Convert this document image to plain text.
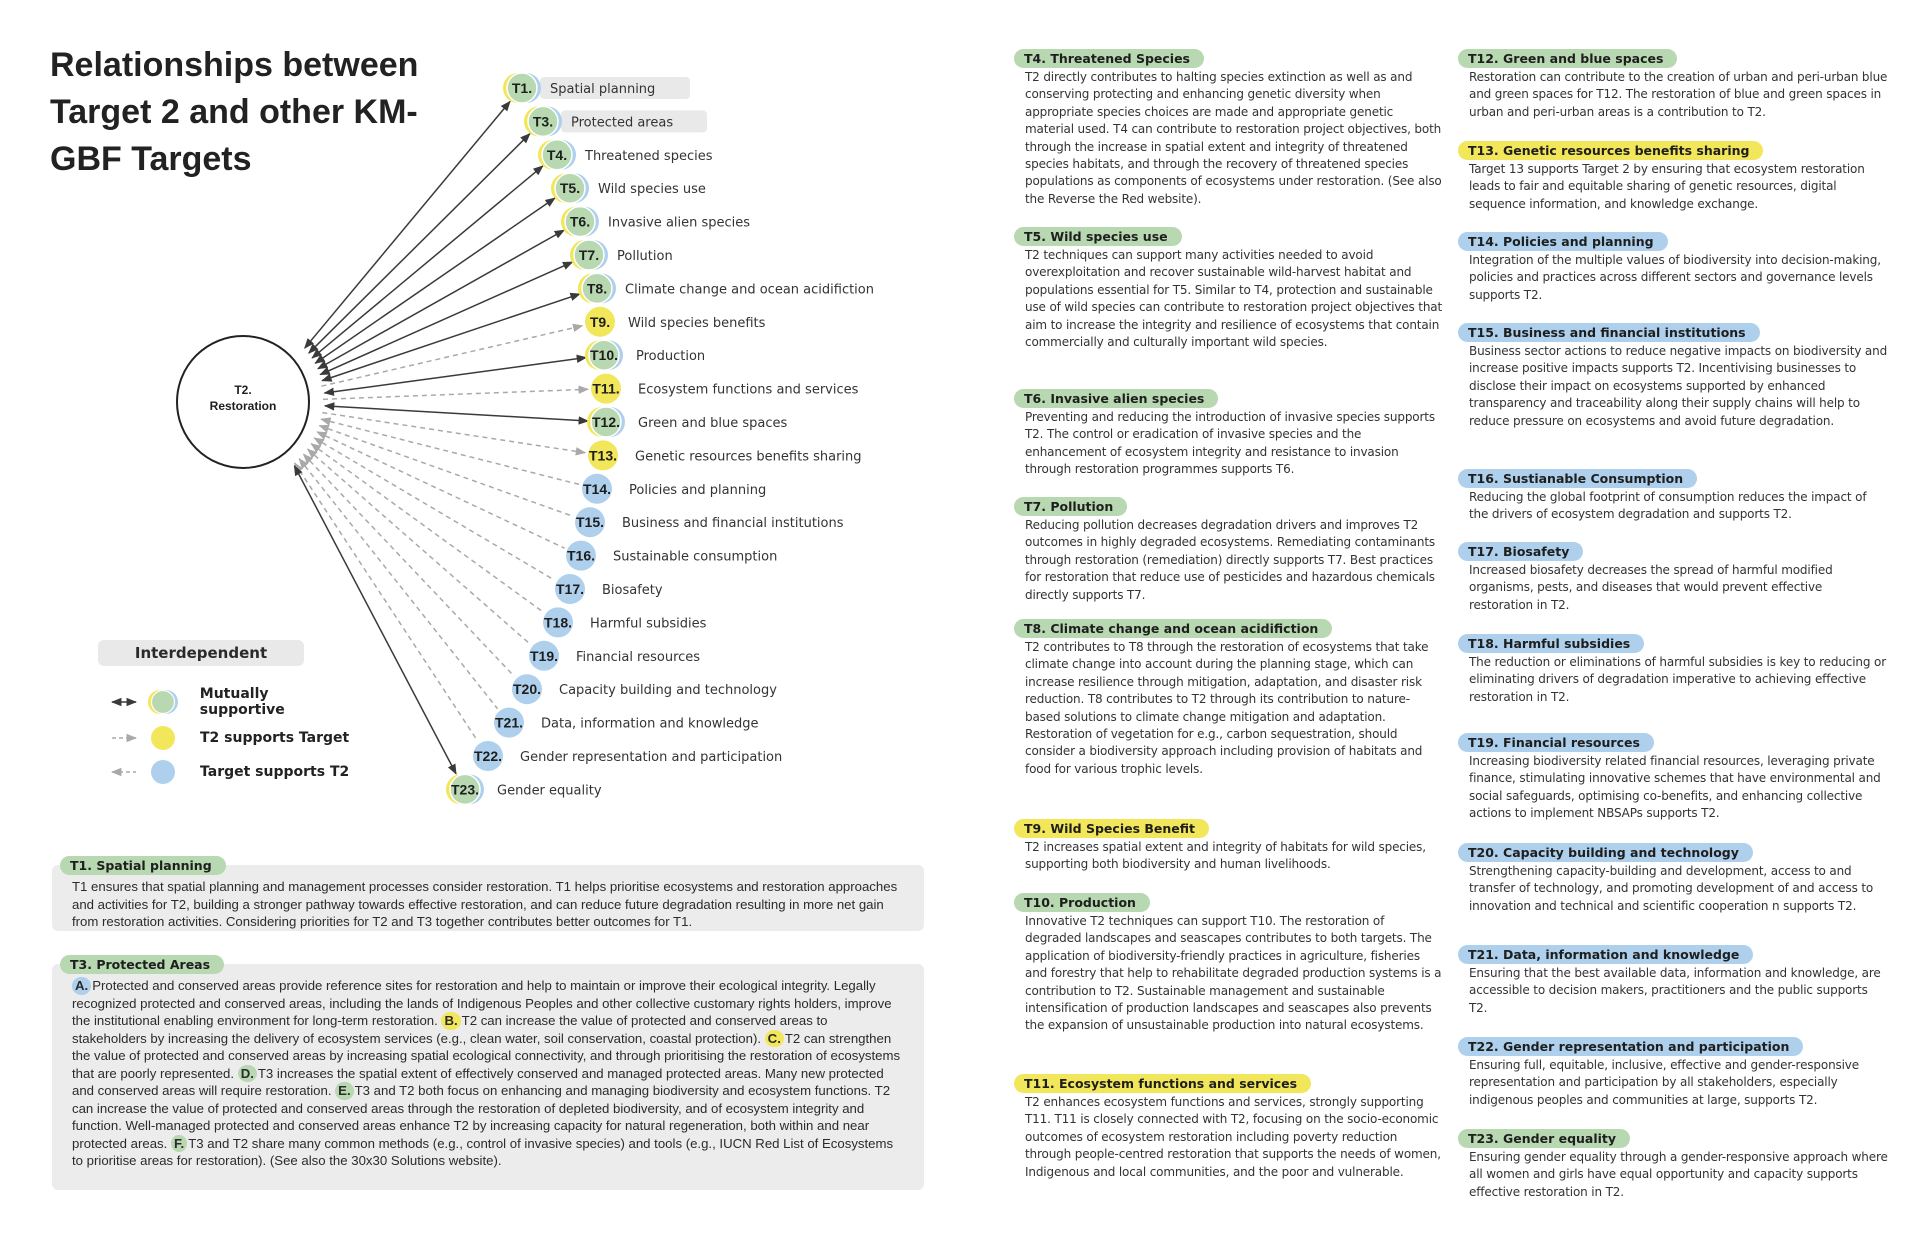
Relationships between Target 2 and other KM-GBF Targets
T2.
Restoration
T1. Spatial planning
T3. Protected areas
T4. Threatened species
T5. Wild species use
T6. Invasive alien species
T7. Pollution
T8. Climate change and ocean acidifiction
T9. Wild species benefits
T10. Production
T11. Ecosystem functions and services
T12. Green and blue spaces
T13. Genetic resources benefits sharing
T14. Policies and planning
T15. Business and financial institutions
T16. Sustainable consumption
T17. Biosafety
T18. Harmful subsidies
T19. Financial resources
T20. Capacity building and technology
T21. Data, information and knowledge
T22. Gender representation and participation
T23. Gender equality
Interdependent
Mutually supportive
T2 supports Target
Target supports T2
T1. Spatial planning
T1 ensures that spatial planning and management processes consider restoration. T1 helps prioritise ecosystems and restoration approaches and activities for T2, building a stronger pathway towards effective restoration, and can reduce future degradation resulting in more net gain from restoration activities. Considering priorities for T2 and T3 together contributes better outcomes for T1.
T3. Protected Areas
A. Protected and conserved areas provide reference sites for restoration and help to maintain or improve their ecological integrity. Legally recognized protected and conserved areas, including the lands of Indigenous Peoples and other collective customary rights holders, improve the institutional enabling environment for long-term restoration. B. T2 can increase the value of protected and conserved areas to stakeholders by increasing the delivery of ecosystem services (e.g., clean water, soil conservation, coastal protection). C. T2 can strengthen the value of protected and conserved areas by increasing spatial ecological connectivity, and through prioritising the restoration of ecosystems that are poorly represented. D. T3 increases the spatial extent of effectively conserved and managed protected areas. Many new protected and conserved areas will require restoration. E. T3 and T2 both focus on enhancing and managing biodiversity and ecosystem functions. T2 can increase the value of protected and conserved areas through the restoration of depleted biodiversity, and of ecosystem integrity and function. Well-managed protected and conserved areas enhance T2 by increasing capacity for natural regeneration, both within and near protected areas. F. T3 and T2 share many common methods (e.g., control of invasive species) and tools (e.g., IUCN Red List of Ecosystems to prioritise areas for restoration). (See also the 30x30 Solutions website).
T4. Threatened Species
T2 directly contributes to halting species extinction as well as and conserving protecting and enhancing genetic diversity when appropriate species choices are made and appropriate genetic material used. T4 can contribute to restoration project objectives, both through the increase in spatial extent and integrity of threatened species habitats, and through the recovery of threatened species populations as components of ecosystems under restoration. (See also the Reverse the Red website).
T5. Wild species use
T2 techniques can support many activities needed to avoid overexploitation and recover sustainable wild-harvest habitat and populations essential for T5. Similar to T4, protection and sustainable use of wild species can contribute to restoration project objectives that aim to increase the integrity and resilience of ecosystems that contain commercially and culturally important wild species.
T6. Invasive alien species
Preventing and reducing the introduction of invasive species supports T2. The control or eradication of invasive species and the enhancement of ecosystem integrity and resistance to invasion through restoration programmes supports T6.
T7. Pollution
Reducing pollution decreases degradation drivers and improves T2 outcomes in highly degraded ecosystems. Remediating contaminants through restoration (remediation) directly supports T7. Best practices for restoration that reduce use of pesticides and hazardous chemicals directly supports T7.
T8. Climate change and ocean acidifiction
T2 contributes to T8 through the restoration of ecosystems that take climate change into account during the planning stage, which can increase resilience through mitigation, adaptation, and disaster risk reduction. T8 contributes to T2 through its contribution to nature-based solutions to climate change mitigation and adaptation. Restoration of vegetation for e.g., carbon sequestration, should consider a biodiversity approach including provision of habitats and food for various trophic levels.
T9. Wild Species Benefit
T2 increases spatial extent and integrity of habitats for wild species, supporting both biodiversity and human livelihoods.
T10. Production
Innovative T2 techniques can support T10. The restoration of degraded landscapes and seascapes contributes to both targets. The application of biodiversity-friendly practices in agriculture, fisheries and forestry that help to rehabilitate degraded production systems is a contribution to T2. Sustainable management and sustainable intensification of production landscapes and seascapes also prevents the expansion of unsustainable production into natural ecosystems.
T11. Ecosystem functions and services
T2 enhances ecosystem functions and services, strongly supporting T11. T11 is closely connected with T2, focusing on the socio-economic outcomes of ecosystem restoration including poverty reduction through people-centred restoration that supports the needs of women, Indigenous and local communities, and the poor and vulnerable.
T12. Green and blue spaces
Restoration can contribute to the creation of urban and peri-urban blue and green spaces for T12. The restoration of blue and green spaces in urban and peri-urban areas is a contribution to T2.
T13. Genetic resources benefits sharing
Target 13 supports Target 2 by ensuring that ecosystem restoration leads to fair and equitable sharing of genetic resources, digital sequence information, and knowledge exchange.
T14. Policies and planning
Integration of the multiple values of biodiversity into decision-making, policies and practices across different sectors and governance levels supports T2.
T15. Business and financial institutions
Business sector actions to reduce negative impacts on biodiversity and increase positive impacts supports T2. Incentivising businesses to disclose their impact on ecosystems supported by enhanced transparency and traceability along their supply chains will help to reduce pressure on ecosystems and avoid future degradation.
T16. Sustianable Consumption
Reducing the global footprint of consumption reduces the impact of the drivers of ecosystem degradation and supports T2.
T17. Biosafety
Increased biosafety decreases the spread of harmful modified organisms, pests, and diseases that would prevent effective restoration in T2.
T18. Harmful subsidies
The reduction or eliminations of harmful subsidies is key to reducing or eliminating drivers of degradation imperative to achieving effective restoration in T2.
T19. Financial resources
Increasing biodiversity related financial resources, leveraging private finance, stimulating innovative schemes that have environmental and social safeguards, optimising co-benefits, and enhancing collective actions to implement NBSAPs supports T2.
T20. Capacity building and technology
Strengthening capacity-building and development, access to and transfer of technology, and promoting development of and access to innovation and technical and scientific cooperation n supports T2.
T21. Data, information and knowledge
Ensuring that the best available data, information and knowledge, are accessible to decision makers, practitioners and the public supports T2.
T22. Gender representation and participation
Ensuring full, equitable, inclusive, effective and gender-responsive representation and participation by all stakeholders, especially indigenous peoples and communities at large, supports T2.
T23. Gender equality
Ensuring gender equality through a gender-responsive approach where all women and girls have equal opportunity and capacity supports effective restoration in T2.
